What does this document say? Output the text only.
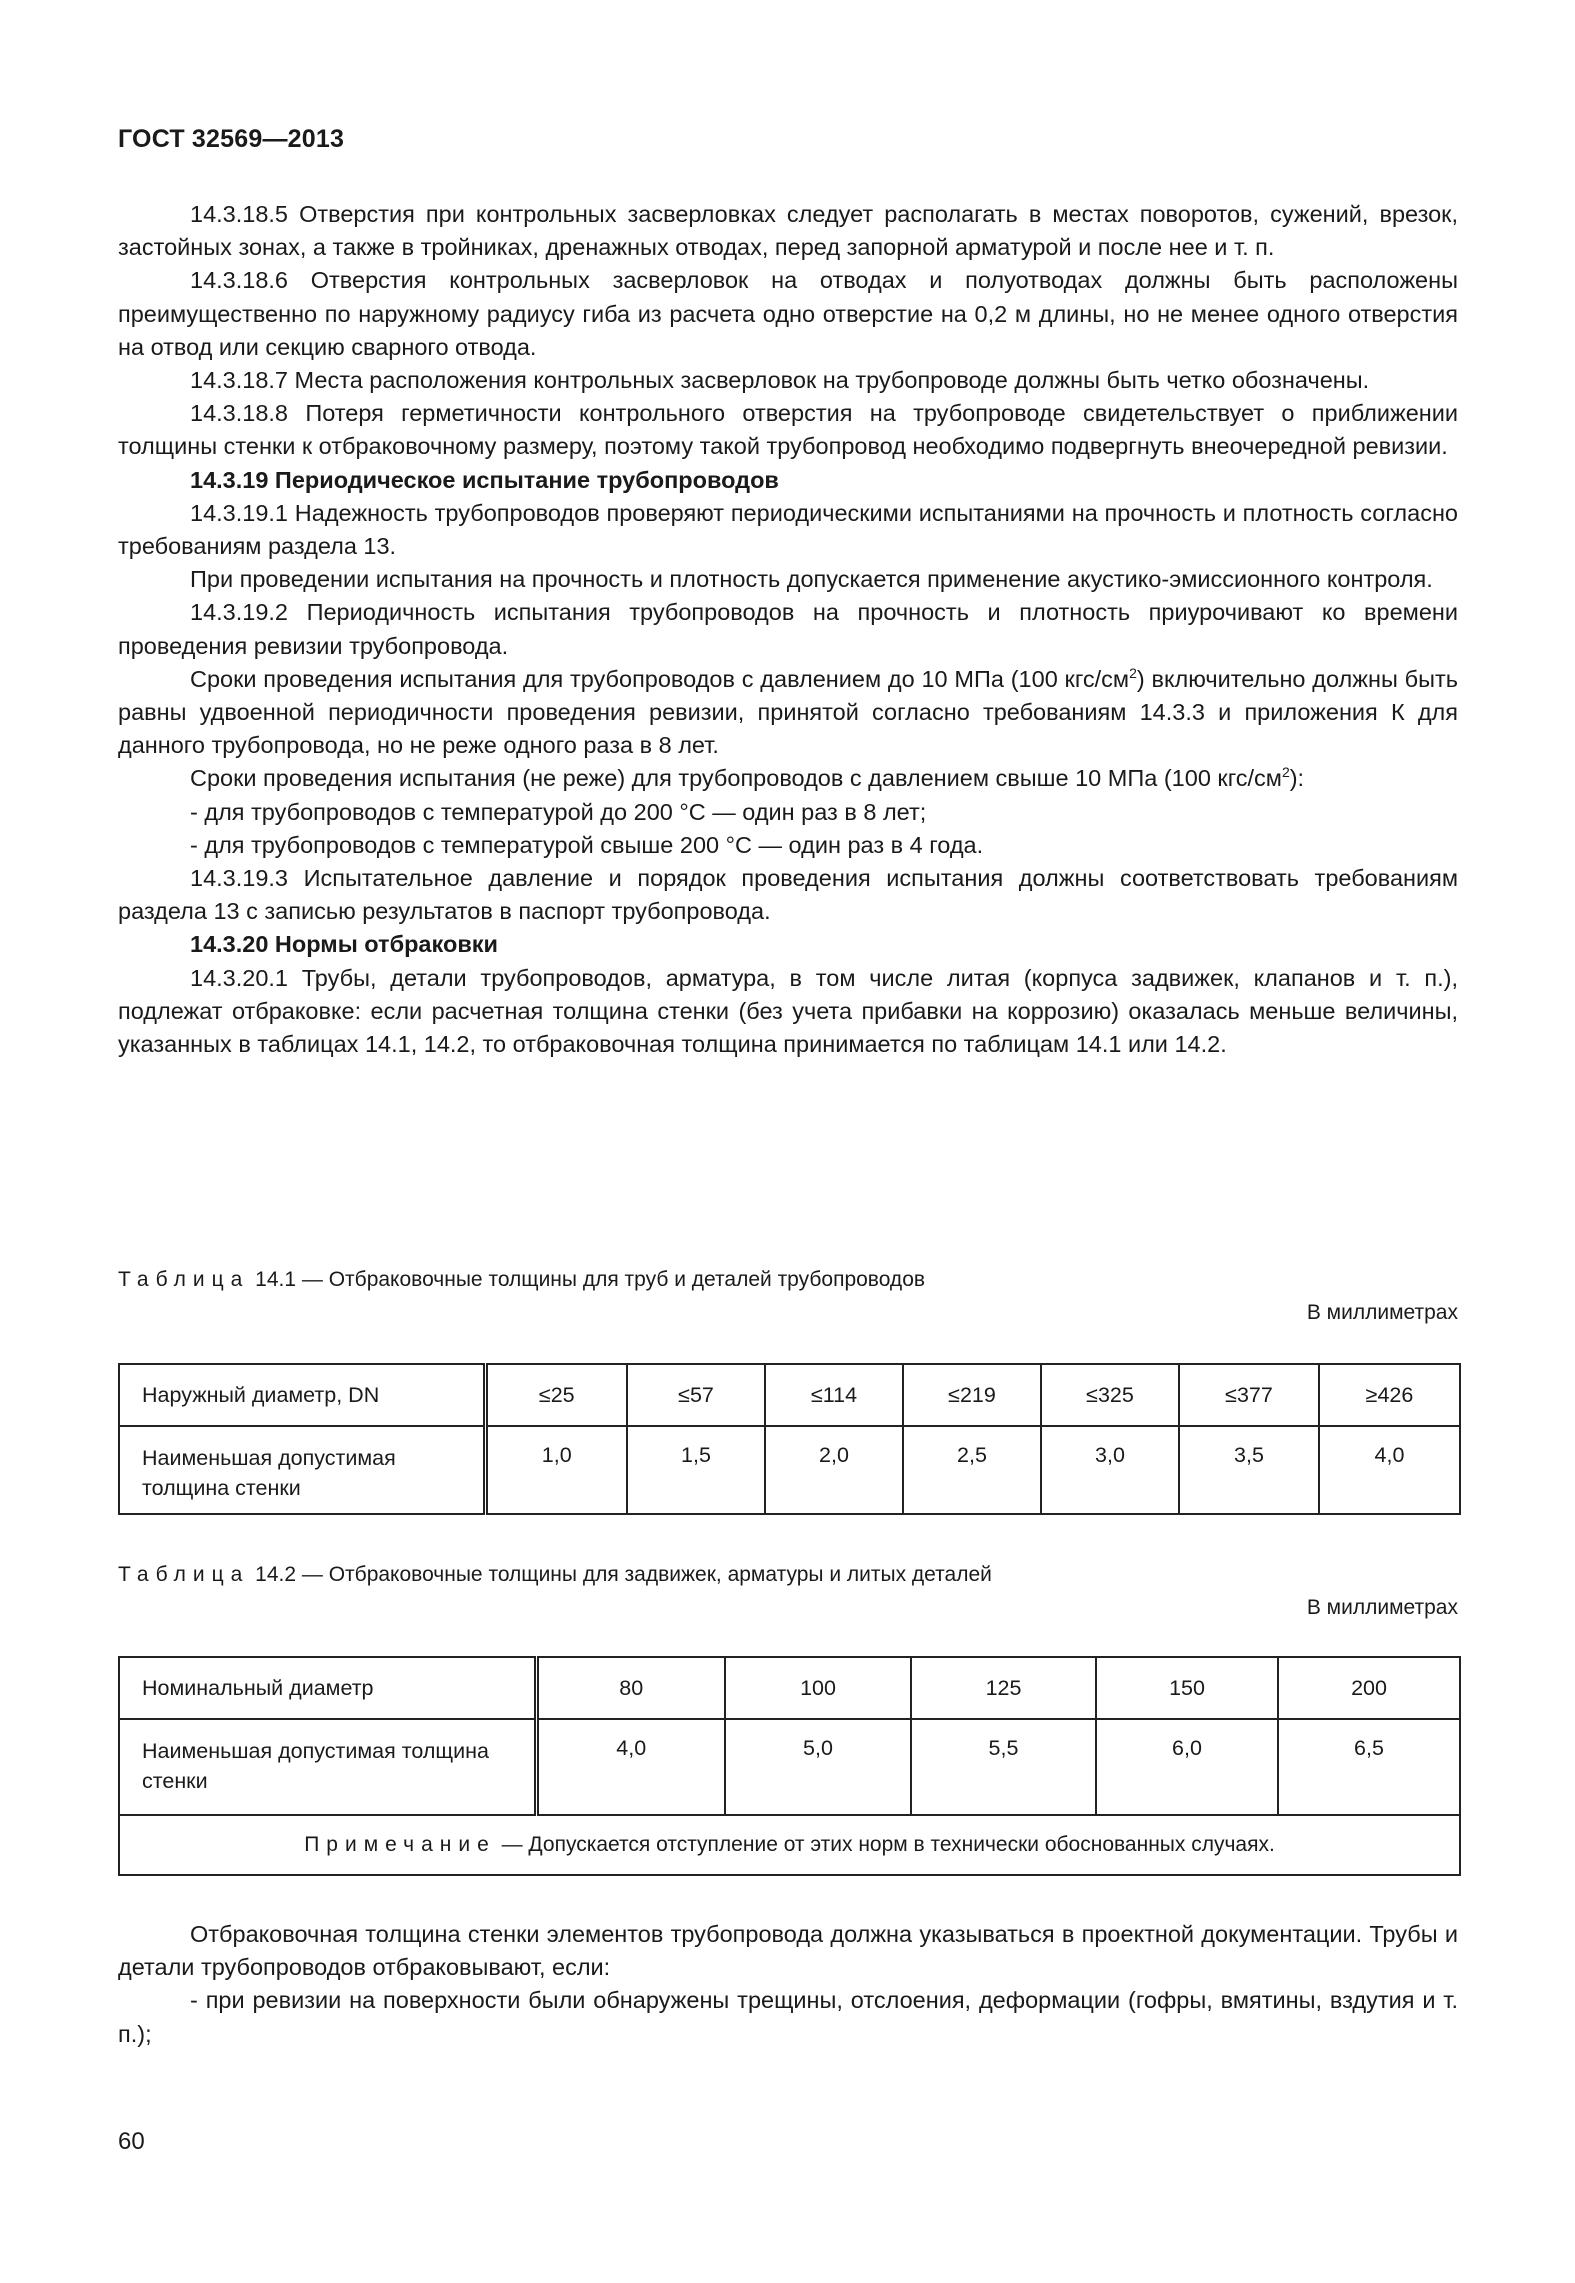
ГОСТ 32569—2013

14.3.18.5 Отверстия при контрольных засверловках следует располагать в местах поворотов, сужений, врезок, застойных зонах, а также в тройниках, дренажных отводах, перед запорной арматурой и после нее и т. п.

14.3.18.6 Отверстия контрольных засверловок на отводах и полуотводах должны быть расположены преимущественно по наружному радиусу гиба из расчета одно отверстие на 0,2 м длины, но не менее одного отверстия на отвод или секцию сварного отвода.

14.3.18.7 Места расположения контрольных засверловок на трубопроводе должны быть четко обозначены.

14.3.18.8 Потеря герметичности контрольного отверстия на трубопроводе свидетельствует о приближении толщины стенки к отбраковочному размеру, поэтому такой трубопровод необходимо подвергнуть внеочередной ревизии.

14.3.19 Периодическое испытание трубопроводов

14.3.19.1 Надежность трубопроводов проверяют периодическими испытаниями на прочность и плотность согласно требованиям раздела 13.

При проведении испытания на прочность и плотность допускается применение акустико-эмиссионного контроля.

14.3.19.2 Периодичность испытания трубопроводов на прочность и плотность приурочивают ко времени проведения ревизии трубопровода.

Сроки проведения испытания для трубопроводов с давлением до 10 МПа (100 кгс/$см^2$) включительно должны быть равны удвоенной периодичности проведения ревизии, принятой согласно требованиям 14.3.3 и приложения К для данного трубопровода, но не реже одного раза в 8 лет.

Сроки проведения испытания (не реже) для трубопроводов с давлением свыше 10 МПа (100 кгс/$см^2$):

- для трубопроводов с температурой до 200 °С — один раз в 8 лет;

- для трубопроводов с температурой свыше 200 °С — один раз в 4 года.

14.3.19.3 Испытательное давление и порядок проведения испытания должны соответствовать требованиям раздела 13 с записью результатов в паспорт трубопровода.

14.3.20 Нормы отбраковки

14.3.20.1 Трубы, детали трубопроводов, арматура, в том числе литая (корпуса задвижек, клапанов и т. п.), подлежат отбраковке: если расчетная толщина стенки (без учета прибавки на коррозию) оказалась меньше величины, указанных в таблицах 14.1, 14.2, то отбраковочная толщина принимается по таблицам 14.1 или 14.2.

Таблица 14.1 — Отбраковочные толщины для труб и деталей трубопроводов
В миллиметрах
Наружный диаметр, DN	≤25	≤57	≤114	≤219	≤325	≤377	≥426
Наименьшая допустимая толщина стенки	1,0	1,5	2,0	2,5	3,0	3,5	4,0
Таблица 14.2 — Отбраковочные толщины для задвижек, арматуры и литых деталей
В миллиметрах
Номинальный диаметр	80	100	125	150	200
Наименьшая допустимая толщина стенки	4,0	5,0	5,5	6,0	6,5
Примечание — Допускается отступление от этих норм в технически обоснованных случаях.					

Отбраковочная толщина стенки элементов трубопровода должна указываться в проектной документации. Трубы и детали трубопроводов отбраковывают, если:

- при ревизии на поверхности были обнаружены трещины, отслоения, деформации (гофры, вмятины, вздутия и т. п.);

60
